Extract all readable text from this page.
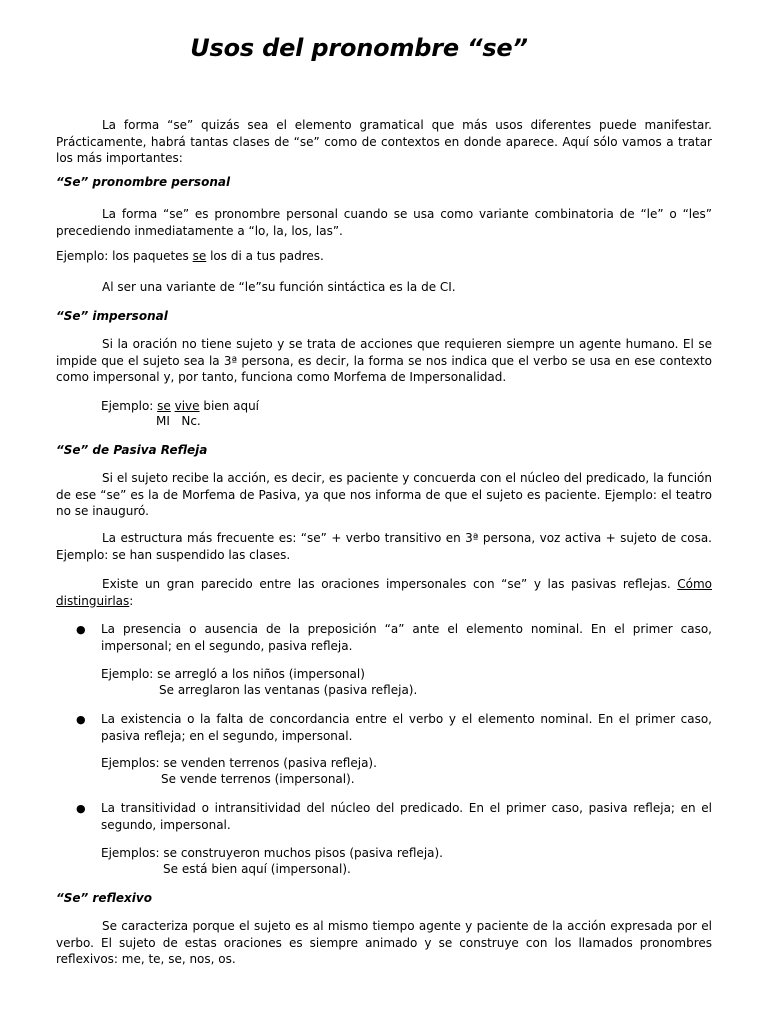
Usos del pronombre “se”
La forma “se” quizás sea el elemento gramatical que más usos diferentes puede manifestar. Prácticamente, habrá tantas clases de “se” como de contextos en donde aparece. Aquí sólo vamos a tratar los más importantes:
“Se” pronombre personal
La forma “se” es pronombre personal cuando se usa como variante combinatoria de “le” o “les” precediendo inmediatamente a “lo, la, los, las”.
Ejemplo: los paquetes se los di a tus padres.
Al ser una variante de “le”su función sintáctica es la de CI.
“Se” impersonal
Si la oración no tiene sujeto y se trata de acciones que requieren siempre un agente humano. El se impide que el sujeto sea la 3ª persona, es decir, la forma se nos indica que el verbo se usa en ese contexto como impersonal y, por tanto, funciona como Morfema de Impersonalidad.
Ejemplo: se vive bien aquí
MI   Nc.
“Se” de Pasiva Refleja
Si el sujeto recibe la acción, es decir, es paciente y concuerda con el núcleo del predicado, la función de ese “se” es la de Morfema de Pasiva, ya que nos informa de que el sujeto es paciente. Ejemplo: el teatro no se inauguró.
La estructura más frecuente es: “se” + verbo transitivo en 3ª persona, voz activa + sujeto de cosa. Ejemplo: se han suspendido las clases.
Existe un gran parecido entre las oraciones impersonales con “se” y las pasivas reflejas. Cómo distinguirlas:
● La presencia o ausencia de la preposición “a” ante el elemento nominal. En el primer caso, impersonal; en el segundo, pasiva refleja.
Ejemplo: se arregló a los niños (impersonal)
Se arreglaron las ventanas (pasiva refleja).
● La existencia o la falta de concordancia entre el verbo y el elemento nominal. En el primer caso, pasiva refleja; en el segundo, impersonal.
Ejemplos: se venden terrenos (pasiva refleja).
Se vende terrenos (impersonal).
● La transitividad o intransitividad del núcleo del predicado. En el primer caso, pasiva refleja; en el segundo, impersonal.
Ejemplos: se construyeron muchos pisos (pasiva refleja).
Se está bien aquí (impersonal).
“Se” reflexivo
Se caracteriza porque el sujeto es al mismo tiempo agente y paciente de la acción expresada por el verbo. El sujeto de estas oraciones es siempre animado y se construye con los llamados pronombres reflexivos: me, te, se, nos, os.
